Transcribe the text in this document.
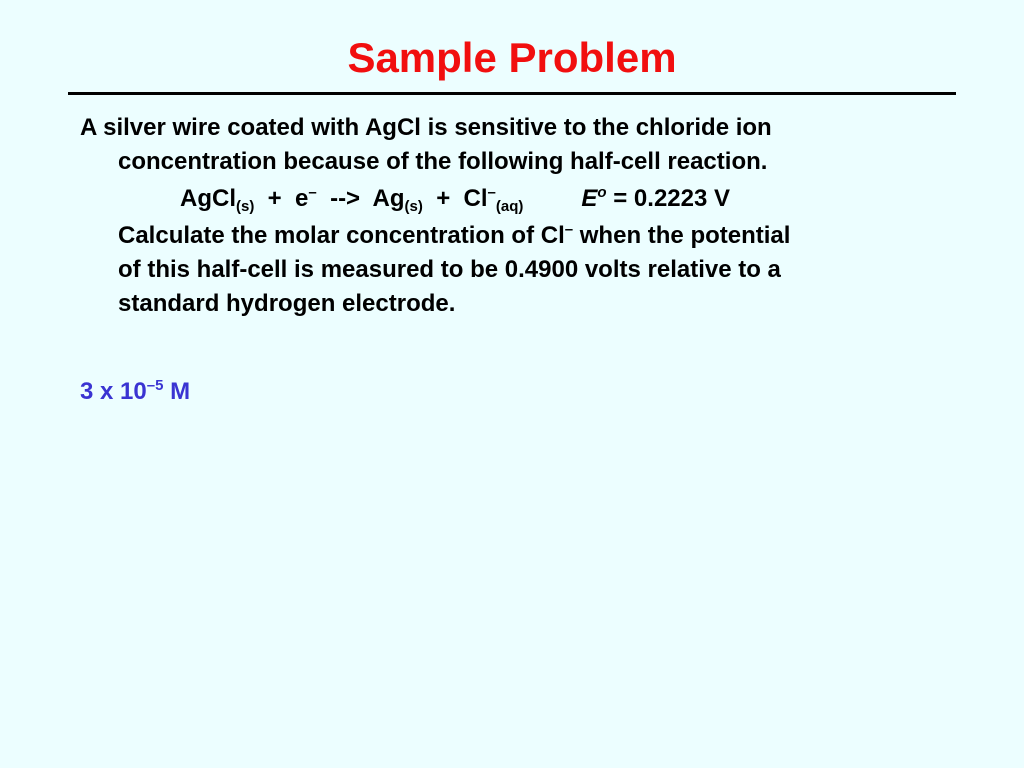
Sample Problem
A silver wire coated with AgCl is sensitive to the chloride ion
concentration because of the following half-cell reaction.
AgCl$_{(s)}$  +  e–  -->  $Ag_{(s)} + Cl^-_{(aq)}$ $E^o = 0.2223$ V
Calculate the molar concentration of Cl– when the potential
of this half-cell is measured to be 0.4900 volts relative to a
standard hydrogen electrode.
3 x $10^{-5}$ M
